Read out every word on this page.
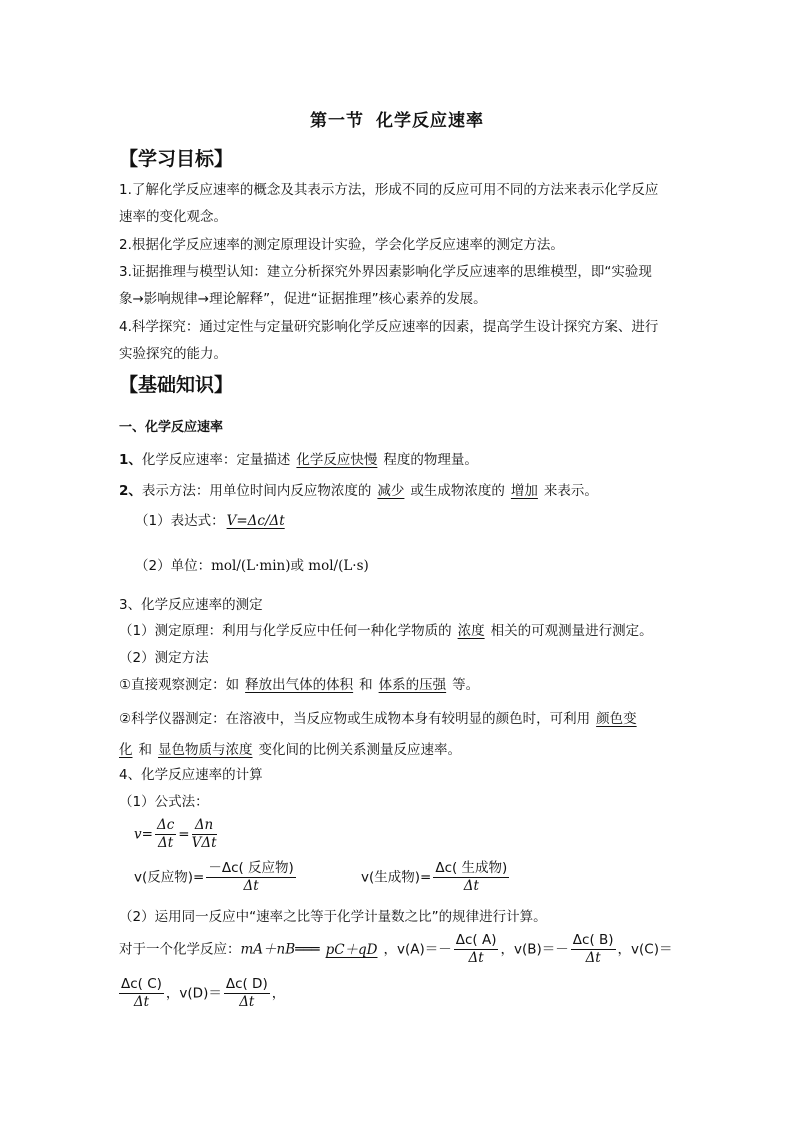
第一节 化学反应速率
【学习目标】
1.了解化学反应速率的概念及其表示方法，形成不同的反应可用不同的方法来表示化学反应
速率的变化观念。
2.根据化学反应速率的测定原理设计实验，学会化学反应速率的测定方法。
3.证据推理与模型认知：建立分析探究外界因素影响化学反应速率的思维模型，即“实验现
象→影响规律→理论解释”，促进“证据推理”核心素养的发展。
4.科学探究：通过定性与定量研究影响化学反应速率的因素，提高学生设计探究方案、进行
实验探究的能力。
【基础知识】
一、化学反应速率
1、化学反应速率：定量描述 化学反应快慢 程度的物理量。
2、表示方法：用单位时间内反应物浓度的 减少 或生成物浓度的 增加 来表示。
（1）表达式： V=Δc/Δt
（2）单位：mol/(L·min)或 mol/(L·s)
3、化学反应速率的测定
（1）测定原理：利用与化学反应中任何一种化学物质的 浓度 相关的可观测量进行测定。
（2）测定方法
①直接观察测定：如 释放出气体的体积 和 体系的压强 等。
②科学仪器测定：在溶液中，当反应物或生成物本身有较明显的颜色时，可利用 颜色变
化 和 显色物质与浓度 变化间的比例关系测量反应速率。
4、化学反应速率的计算
（1）公式法：
$v= \frac{\Delta c}{\Delta t} = \frac{\Delta n}{\text{VΔt}}$
v(反应物)= $\frac{\text{－Δc( 反应物)}}{\Delta t}$	v(生成物)= $\frac{\text{Δc( 生成物)}}{\Delta t}$
（2）运用同一反应中“速率之比等于化学计量数之比”的规律进行计算。
对于一个化学反应：mA＋nB═══ pC＋qD ，$v(A)=- \frac{\Delta c( A)}{\Delta t}$ ，$v(B)=- \frac{\Delta c( B)}{\Delta t}$ ，v(C)＝
$\frac{\Delta c( C)}{\Delta t}$ ，$v(D)= \frac{\Delta c( D)}{\Delta t}$ ，
